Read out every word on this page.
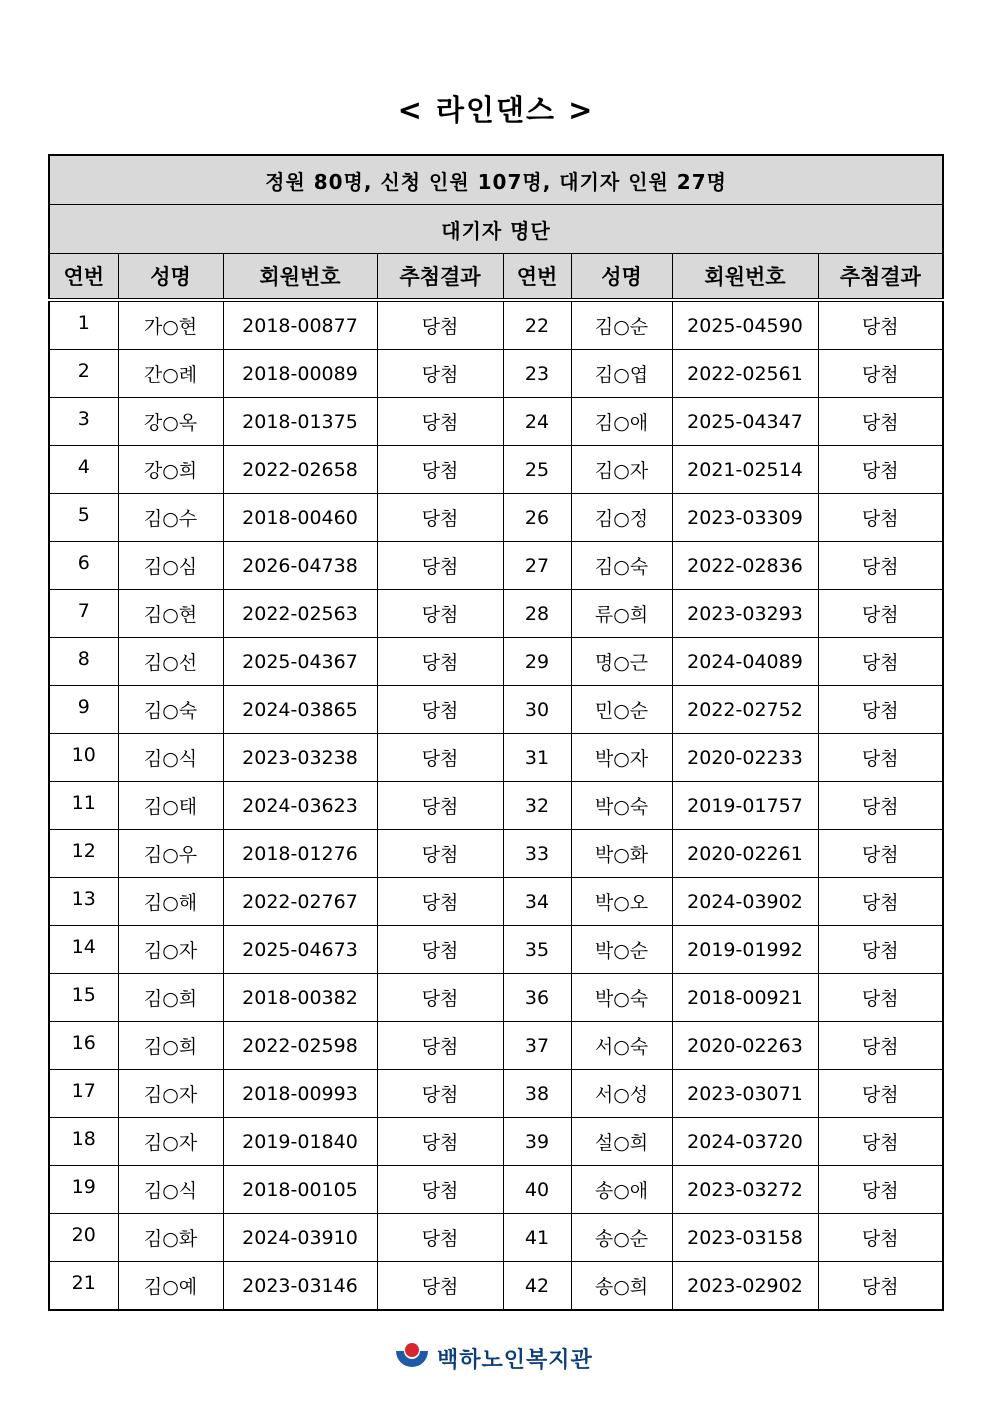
< 라인댄스 >
정원 80명, 신청 인원 107명, 대기자 인원 27명							
대기자 명단							
연번	성명	회원번호	추첨결과	연번	성명	회원번호	추첨결과
1	가○현	2018-00877	당첨	22	김○순	2025-04590	당첨
2	간○례	2018-00089	당첨	23	김○엽	2022-02561	당첨
3	강○옥	2018-01375	당첨	24	김○애	2025-04347	당첨
4	강○희	2022-02658	당첨	25	김○자	2021-02514	당첨
5	김○수	2018-00460	당첨	26	김○정	2023-03309	당첨
6	김○심	2026-04738	당첨	27	김○숙	2022-02836	당첨
7	김○현	2022-02563	당첨	28	류○희	2023-03293	당첨
8	김○선	2025-04367	당첨	29	명○근	2024-04089	당첨
9	김○숙	2024-03865	당첨	30	민○순	2022-02752	당첨
10	김○식	2023-03238	당첨	31	박○자	2020-02233	당첨
11	김○태	2024-03623	당첨	32	박○숙	2019-01757	당첨
12	김○우	2018-01276	당첨	33	박○화	2020-02261	당첨
13	김○해	2022-02767	당첨	34	박○오	2024-03902	당첨
14	김○자	2025-04673	당첨	35	박○순	2019-01992	당첨
15	김○희	2018-00382	당첨	36	박○숙	2018-00921	당첨
16	김○희	2022-02598	당첨	37	서○숙	2020-02263	당첨
17	김○자	2018-00993	당첨	38	서○성	2023-03071	당첨
18	김○자	2019-01840	당첨	39	설○희	2024-03720	당첨
19	김○식	2018-00105	당첨	40	송○애	2023-03272	당첨
20	김○화	2024-03910	당첨	41	송○순	2023-03158	당첨
21	김○예	2023-03146	당첨	42	송○희	2023-02902	당첨
백하노인복지관
